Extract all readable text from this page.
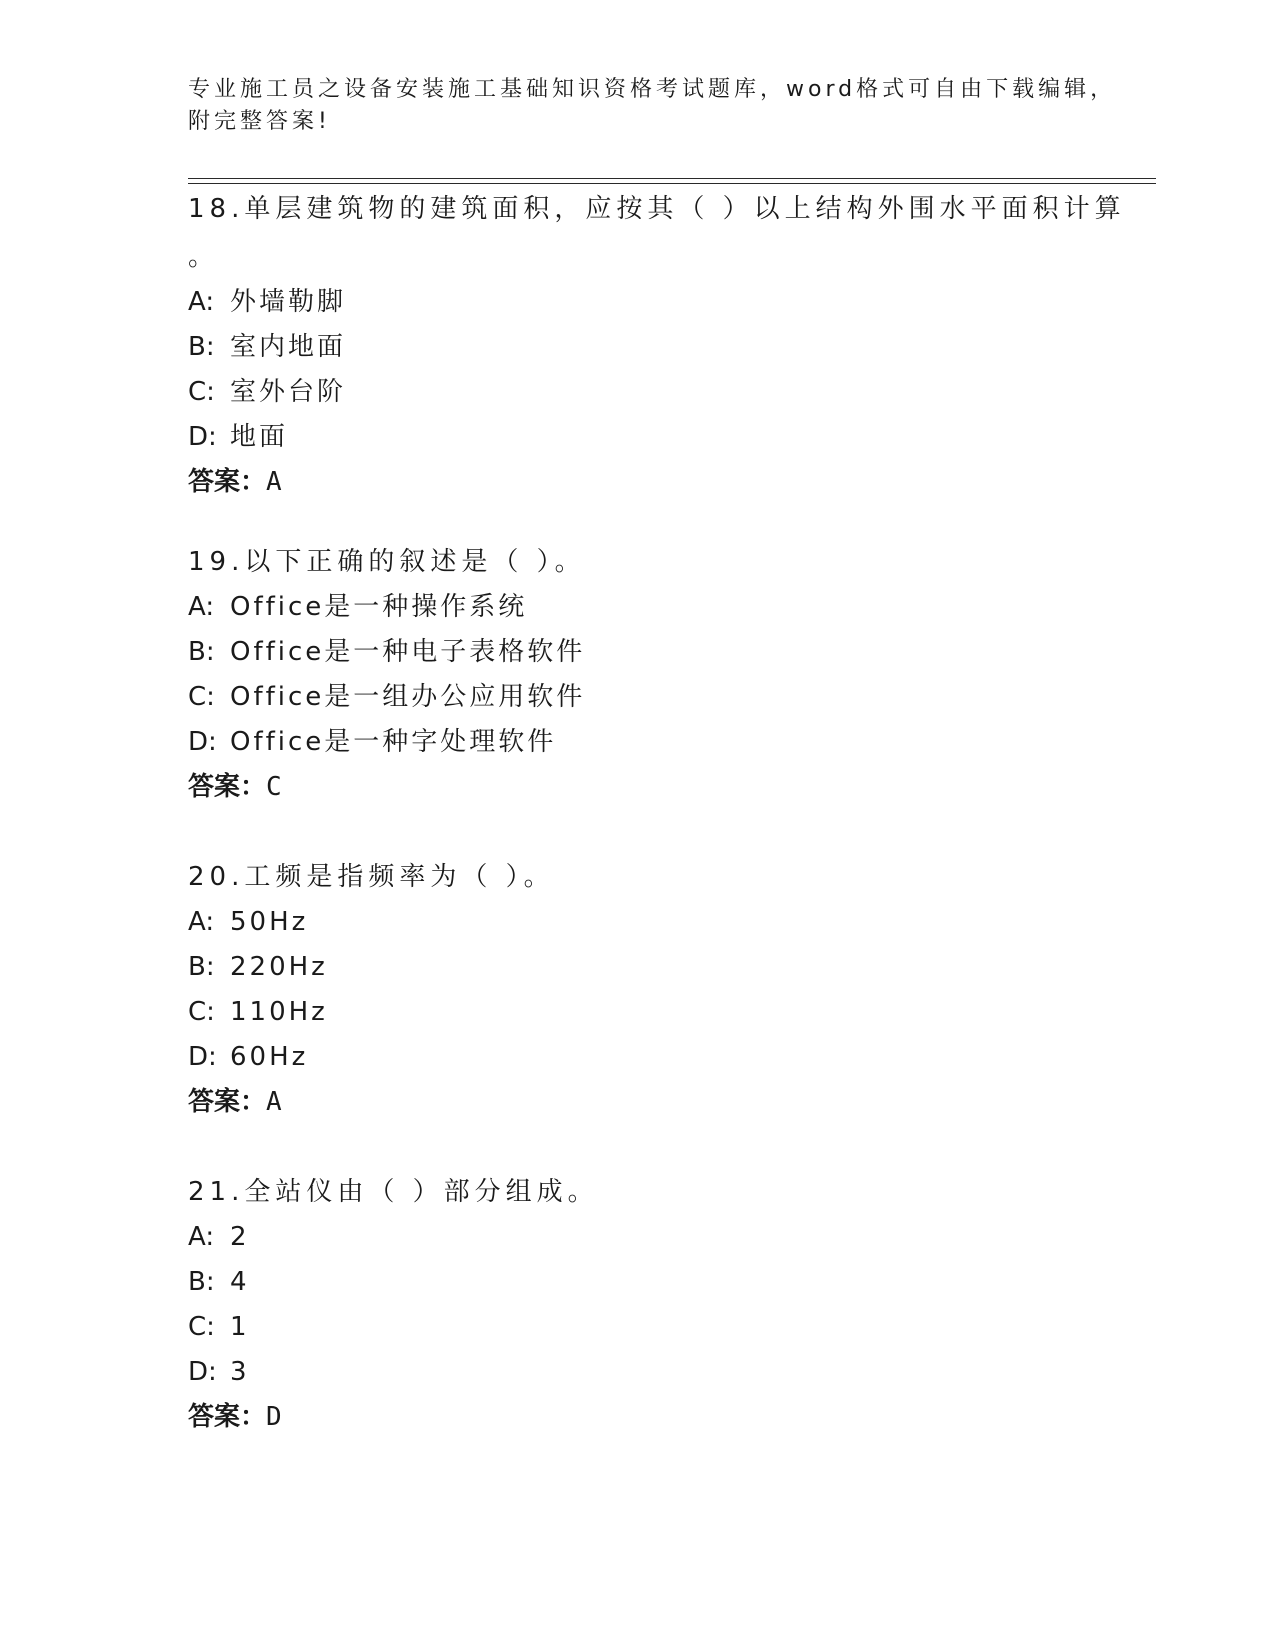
专业施工员之设备安装施工基础知识资格考试题库，word格式可自由下载编辑，
附完整答案!
18.单层建筑物的建筑面积，应按其（ ）以上结构外围水平面积计算
。
A: 外墙勒脚
B: 室内地面
C: 室外台阶
D: 地面
答案：A
19.以下正确的叙述是（ ）。
A: Office是一种操作系统
B: Office是一种电子表格软件
C: Office是一组办公应用软件
D: Office是一种字处理软件
答案：C
20.工频是指频率为（ ）。
A: 50Hz
B: 220Hz
C: 110Hz
D: 60Hz
答案：A
21.全站仪由（ ）部分组成。
A: 2
B: 4
C: 1
D: 3
答案：D
